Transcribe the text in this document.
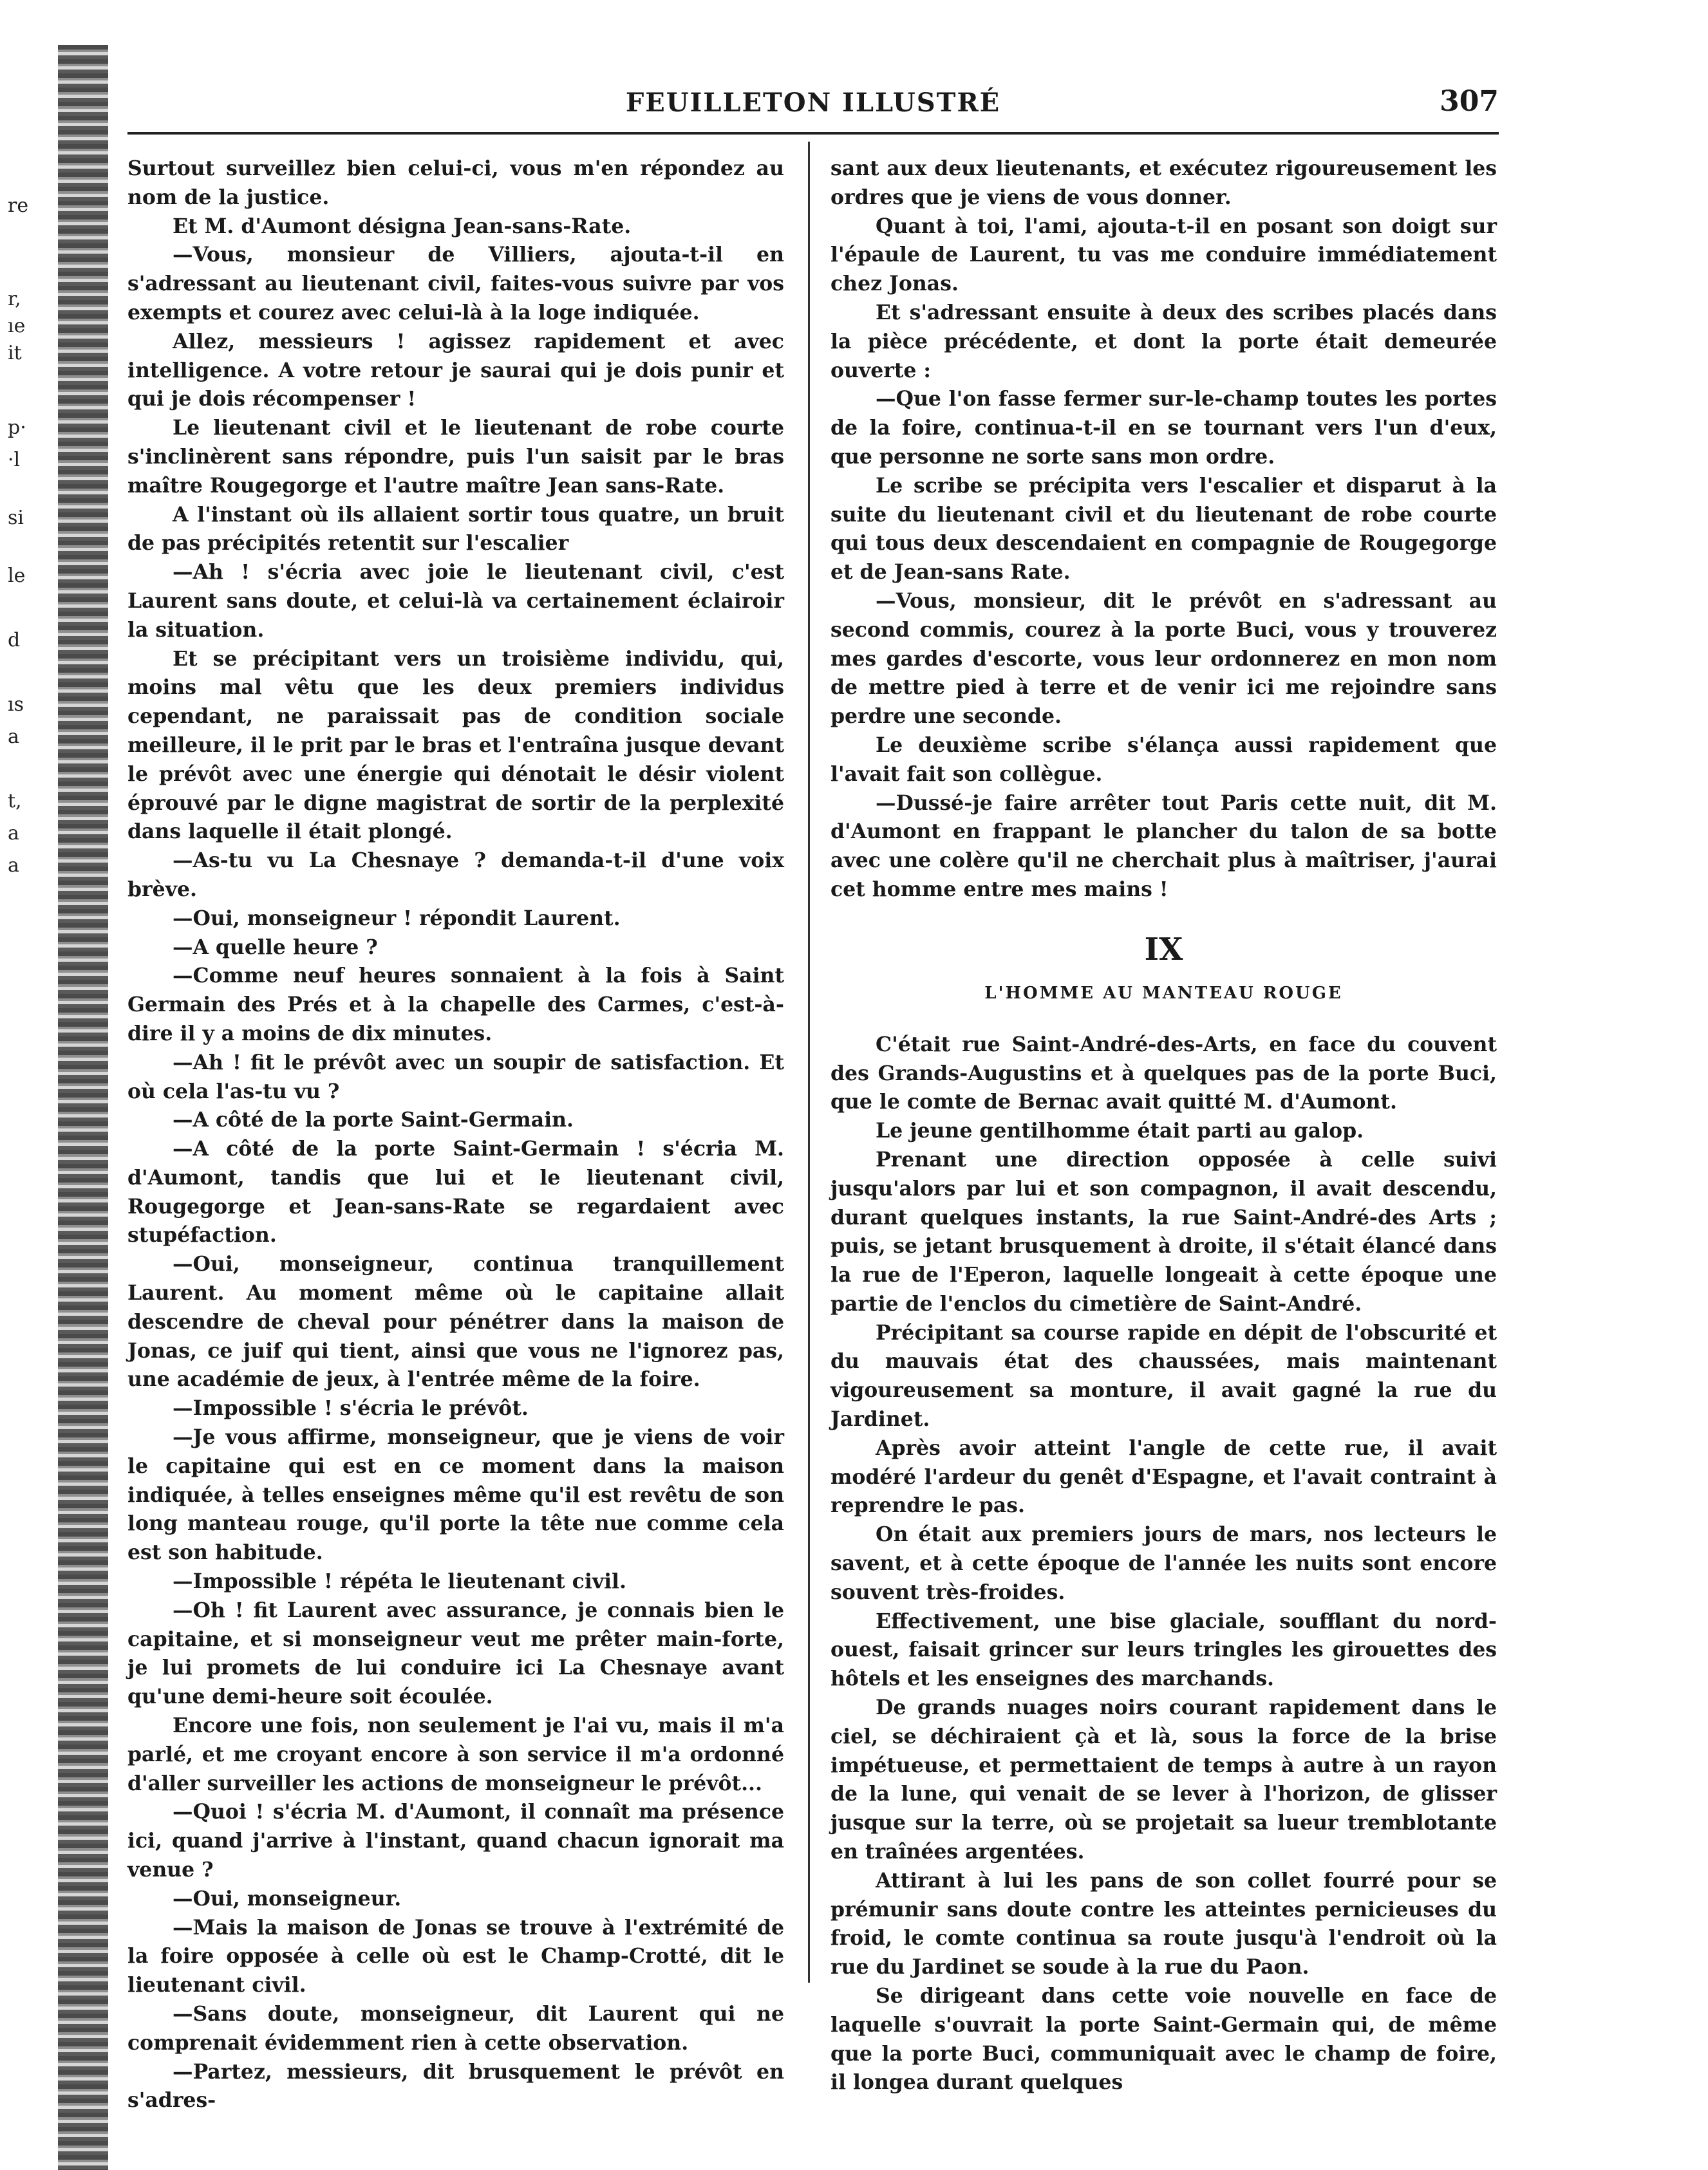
re
r,
ıe
it
p·
·l
si
le
d
ıs
a
t,
a
a
FEUILLETON ILLUSTRÉ	307

Surtout surveillez bien celui-ci, vous m'en répondez au nom de la justice.

Et M. d'Aumont désigna Jean-sans-Rate.

—Vous, monsieur de Villiers, ajouta-t-il en s'adressant au lieutenant civil, faites-vous suivre par vos exempts et courez avec celui-là à la loge indiquée.

Allez, messieurs ! agissez rapidement et avec intelligence. A votre retour je saurai qui je dois punir et qui je dois récompenser !

Le lieutenant civil et le lieutenant de robe courte s'inclinèrent sans répondre, puis l'un saisit par le bras maître Rougegorge et l'autre maître Jean sans-Rate.

A l'instant où ils allaient sortir tous quatre, un bruit de pas précipités retentit sur l'escalier

—Ah ! s'écria avec joie le lieutenant civil, c'est Laurent sans doute, et celui-là va certainement éclairoir la situation.

Et se précipitant vers un troisième individu, qui, moins mal vêtu que les deux premiers individus cependant, ne paraissait pas de condition sociale meilleure, il le prit par le bras et l'entraîna jusque devant le prévôt avec une énergie qui dénotait le désir violent éprouvé par le digne magistrat de sortir de la perplexité dans laquelle il était plongé.

—As-tu vu La Chesnaye ? demanda-t-il d'une voix brève.

—Oui, monseigneur ! répondit Laurent.

—A quelle heure ?

—Comme neuf heures sonnaient à la fois à Saint Germain des Prés et à la chapelle des Carmes, c'est-à-dire il y a moins de dix minutes.

—Ah ! fit le prévôt avec un soupir de satisfaction. Et où cela l'as-tu vu ?

—A côté de la porte Saint-Germain.

—A côté de la porte Saint-Germain ! s'écria M. d'Aumont, tandis que lui et le lieutenant civil, Rougegorge et Jean-sans-Rate se regardaient avec stupéfaction.

—Oui, monseigneur, continua tranquillement Laurent. Au moment même où le capitaine allait descendre de cheval pour pénétrer dans la maison de Jonas, ce juif qui tient, ainsi que vous ne l'ignorez pas, une académie de jeux, à l'entrée même de la foire.

—Impossible ! s'écria le prévôt.

—Je vous affirme, monseigneur, que je viens de voir le capitaine qui est en ce moment dans la maison indiquée, à telles enseignes même qu'il est revêtu de son long manteau rouge, qu'il porte la tête nue comme cela est son habitude.

—Impossible ! répéta le lieutenant civil.

—Oh ! fit Laurent avec assurance, je connais bien le capitaine, et si monseigneur veut me prêter main-forte, je lui promets de lui conduire ici La Chesnaye avant qu'une demi-heure soit écoulée.

Encore une fois, non seulement je l'ai vu, mais il m'a parlé, et me croyant encore à son service il m'a ordonné d'aller surveiller les actions de monseigneur le prévôt...

—Quoi ! s'écria M. d'Aumont, il connaît ma présence ici, quand j'arrive à l'instant, quand chacun ignorait ma venue ?

—Oui, monseigneur.

—Mais la maison de Jonas se trouve à l'extrémité de la foire opposée à celle où est le Champ-Crotté, dit le lieutenant civil.

—Sans doute, monseigneur, dit Laurent qui ne comprenait évidemment rien à cette observation.

—Partez, messieurs, dit brusquement le prévôt en s'adres-

sant aux deux lieutenants, et exécutez rigoureusement les ordres que je viens de vous donner.

Quant à toi, l'ami, ajouta-t-il en posant son doigt sur l'épaule de Laurent, tu vas me conduire immédiatement chez Jonas.

Et s'adressant ensuite à deux des scribes placés dans la pièce précédente, et dont la porte était demeurée ouverte :

—Que l'on fasse fermer sur-le-champ toutes les portes de la foire, continua-t-il en se tournant vers l'un d'eux, que personne ne sorte sans mon ordre.

Le scribe se précipita vers l'escalier et disparut à la suite du lieutenant civil et du lieutenant de robe courte qui tous deux descendaient en compagnie de Rougegorge et de Jean-sans Rate.

—Vous, monsieur, dit le prévôt en s'adressant au second commis, courez à la porte Buci, vous y trouverez mes gardes d'escorte, vous leur ordonnerez en mon nom de mettre pied à terre et de venir ici me rejoindre sans perdre une seconde.

Le deuxième scribe s'élança aussi rapidement que l'avait fait son collègue.

—Dussé-je faire arrêter tout Paris cette nuit, dit M. d'Aumont en frappant le plancher du talon de sa botte avec une colère qu'il ne cherchait plus à maîtriser, j'aurai cet homme entre mes mains !

IX
L'HOMME AU MANTEAU ROUGE

C'était rue Saint-André-des-Arts, en face du couvent des Grands-Augustins et à quelques pas de la porte Buci, que le comte de Bernac avait quitté M. d'Aumont.

Le jeune gentilhomme était parti au galop.

Prenant une direction opposée à celle suivi jusqu'alors par lui et son compagnon, il avait descendu, durant quelques instants, la rue Saint-André-des Arts ; puis, se jetant brusquement à droite, il s'était élancé dans la rue de l'Eperon, laquelle longeait à cette époque une partie de l'enclos du cimetière de Saint-André.

Précipitant sa course rapide en dépit de l'obscurité et du mauvais état des chaussées, mais maintenant vigoureusement sa monture, il avait gagné la rue du Jardinet.

Après avoir atteint l'angle de cette rue, il avait modéré l'ardeur du genêt d'Espagne, et l'avait contraint à reprendre le pas.

On était aux premiers jours de mars, nos lecteurs le savent, et à cette époque de l'année les nuits sont encore souvent très-froides.

Effectivement, une bise glaciale, soufflant du nord-ouest, faisait grincer sur leurs tringles les girouettes des hôtels et les enseignes des marchands.

De grands nuages noirs courant rapidement dans le ciel, se déchiraient çà et là, sous la force de la brise impétueuse, et permettaient de temps à autre à un rayon de la lune, qui venait de se lever à l'horizon, de glisser jusque sur la terre, où se projetait sa lueur tremblotante en traînées argentées.

Attirant à lui les pans de son collet fourré pour se prémunir sans doute contre les atteintes pernicieuses du froid, le comte continua sa route jusqu'à l'endroit où la rue du Jardinet se soude à la rue du Paon.

Se dirigeant dans cette voie nouvelle en face de laquelle s'ouvrait la porte Saint-Germain qui, de même que la porte Buci, communiquait avec le champ de foire, il longea durant quelques
